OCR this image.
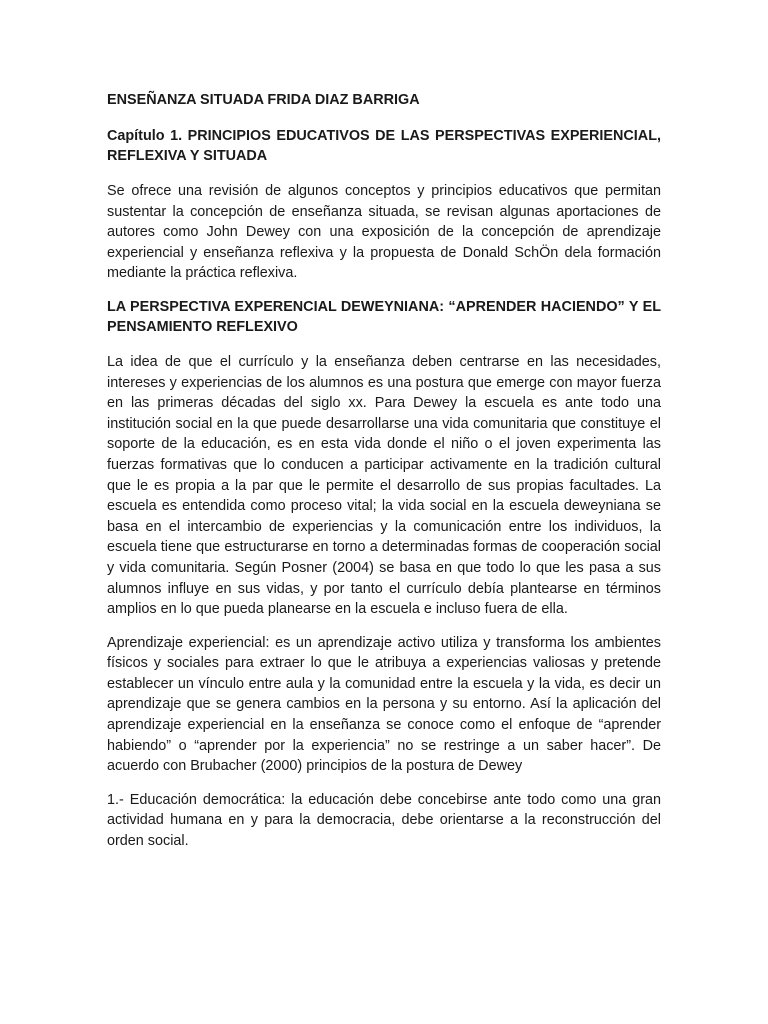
ENSEÑANZA SITUADA FRIDA DIAZ BARRIGA
Capítulo 1. PRINCIPIOS EDUCATIVOS DE LAS PERSPECTIVAS EXPERIENCIAL, REFLEXIVA Y SITUADA

Se ofrece una revisión de algunos conceptos y principios educativos que permitan sustentar la concepción de enseñanza situada, se revisan algunas aportaciones de autores como John Dewey con una exposición de la concepción de aprendizaje experiencial y enseñanza reflexiva y la propuesta de Donald SchÖn dela formación mediante la práctica reflexiva.

LA PERSPECTIVA EXPERENCIAL DEWEYNIANA: “APRENDER HACIENDO” Y EL PENSAMIENTO REFLEXIVO

La idea de que el currículo y la enseñanza deben centrarse en las necesidades, intereses y experiencias de los alumnos es una postura que emerge con mayor fuerza en las primeras décadas del siglo xx. Para Dewey la escuela es ante todo una institución social en la que puede desarrollarse una vida comunitaria que constituye el soporte de la educación, es en esta vida donde el niño o el joven experimenta las fuerzas formativas que lo conducen a participar activamente en la tradición cultural que le es propia a la par que le permite el desarrollo de sus propias facultades. La escuela es entendida como proceso vital; la vida social en la escuela deweyniana se basa en el intercambio de experiencias y la comunicación entre los individuos, la escuela tiene que estructurarse en torno a determinadas formas de cooperación social y vida comunitaria. Según Posner (2004) se basa en que todo lo que les pasa a sus alumnos influye en sus vidas, y por tanto el currículo debía plantearse en términos amplios en lo que pueda planearse en la escuela e incluso fuera de ella.

Aprendizaje experiencial: es un aprendizaje activo utiliza y transforma los ambientes físicos y sociales para extraer lo que le atribuya a experiencias valiosas y pretende establecer un vínculo entre aula y la comunidad entre la escuela y la vida, es decir un aprendizaje que se genera cambios en la persona y su entorno. Así la aplicación del aprendizaje experiencial en la enseñanza se conoce como el enfoque de “aprender habiendo” o “aprender por la experiencia” no se restringe a un saber hacer”. De acuerdo con Brubacher (2000) principios de la postura de Dewey

1.- Educación democrática: la educación debe concebirse ante todo como una gran actividad humana en y para la democracia, debe orientarse a la reconstrucción del orden social.
